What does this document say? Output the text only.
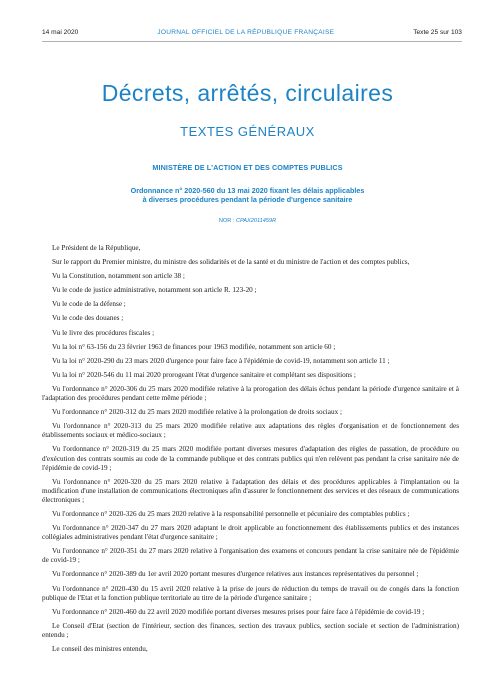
14 mai 2020	JOURNAL OFFICIEL DE LA RÉPUBLIQUE FRANÇAISE	Texte 25 sur 103
Décrets, arrêtés, circulaires
TEXTES GÉNÉRAUX
MINISTÈRE DE L'ACTION ET DES COMPTES PUBLICS
Ordonnance n° 2020-560 du 13 mai 2020 fixant les délais applicables
à diverses procédures pendant la période d'urgence sanitaire
NOR : CPAX2011459R

Le Président de la République,

Sur le rapport du Premier ministre, du ministre des solidarités et de la santé et du ministre de l'action et des comptes publics,

Vu la Constitution, notamment son article 38 ;

Vu le code de justice administrative, notamment son article R. 123-20 ;

Vu le code de la défense ;

Vu le code des douanes ;

Vu le livre des procédures fiscales ;

Vu la loi n° 63-156 du 23 février 1963 de finances pour 1963 modifiée, notamment son article 60 ;

Vu la loi n° 2020-290 du 23 mars 2020 d'urgence pour faire face à l'épidémie de covid-19, notamment son article 11 ;

Vu la loi n° 2020-546 du 11 mai 2020 prorogeant l'état d'urgence sanitaire et complétant ses dispositions ;

Vu l'ordonnance n° 2020-306 du 25 mars 2020 modifiée relative à la prorogation des délais échus pendant la période d'urgence sanitaire et à l'adaptation des procédures pendant cette même période ;

Vu l'ordonnance n° 2020-312 du 25 mars 2020 modifiée relative à la prolongation de droits sociaux ;

Vu l'ordonnance n° 2020-313 du 25 mars 2020 modifiée relative aux adaptations des règles d'organisation et de fonctionnement des établissements sociaux et médico-sociaux ;

Vu l'ordonnance n° 2020-319 du 25 mars 2020 modifiée portant diverses mesures d'adaptation des règles de passation, de procédure ou d'exécution des contrats soumis au code de la commande publique et des contrats publics qui n'en relèvent pas pendant la crise sanitaire née de l'épidémie de covid-19 ;

Vu l'ordonnance n° 2020-320 du 25 mars 2020 relative à l'adaptation des délais et des procédures applicables à l'implantation ou la modification d'une installation de communications électroniques afin d'assurer le fonctionnement des services et des réseaux de communications électroniques ;

Vu l'ordonnance n° 2020-326 du 25 mars 2020 relative à la responsabilité personnelle et pécuniaire des comptables publics ;

Vu l'ordonnance n° 2020-347 du 27 mars 2020 adaptant le droit applicable au fonctionnement des établissements publics et des instances collégiales administratives pendant l'état d'urgence sanitaire ;

Vu l'ordonnance n° 2020-351 du 27 mars 2020 relative à l'organisation des examens et concours pendant la crise sanitaire née de l'épidémie de covid-19 ;

Vu l'ordonnance n° 2020-389 du 1er avril 2020 portant mesures d'urgence relatives aux instances représentatives du personnel ;

Vu l'ordonnance n° 2020-430 du 15 avril 2020 relative à la prise de jours de réduction du temps de travail ou de congés dans la fonction publique de l'Etat et la fonction publique territoriale au titre de la période d'urgence sanitaire ;

Vu l'ordonnance n° 2020-460 du 22 avril 2020 modifiée portant diverses mesures prises pour faire face à l'épidémie de covid-19 ;

Le Conseil d'Etat (section de l'intérieur, section des finances, section des travaux publics, section sociale et section de l'administration) entendu ;

Le conseil des ministres entendu,
